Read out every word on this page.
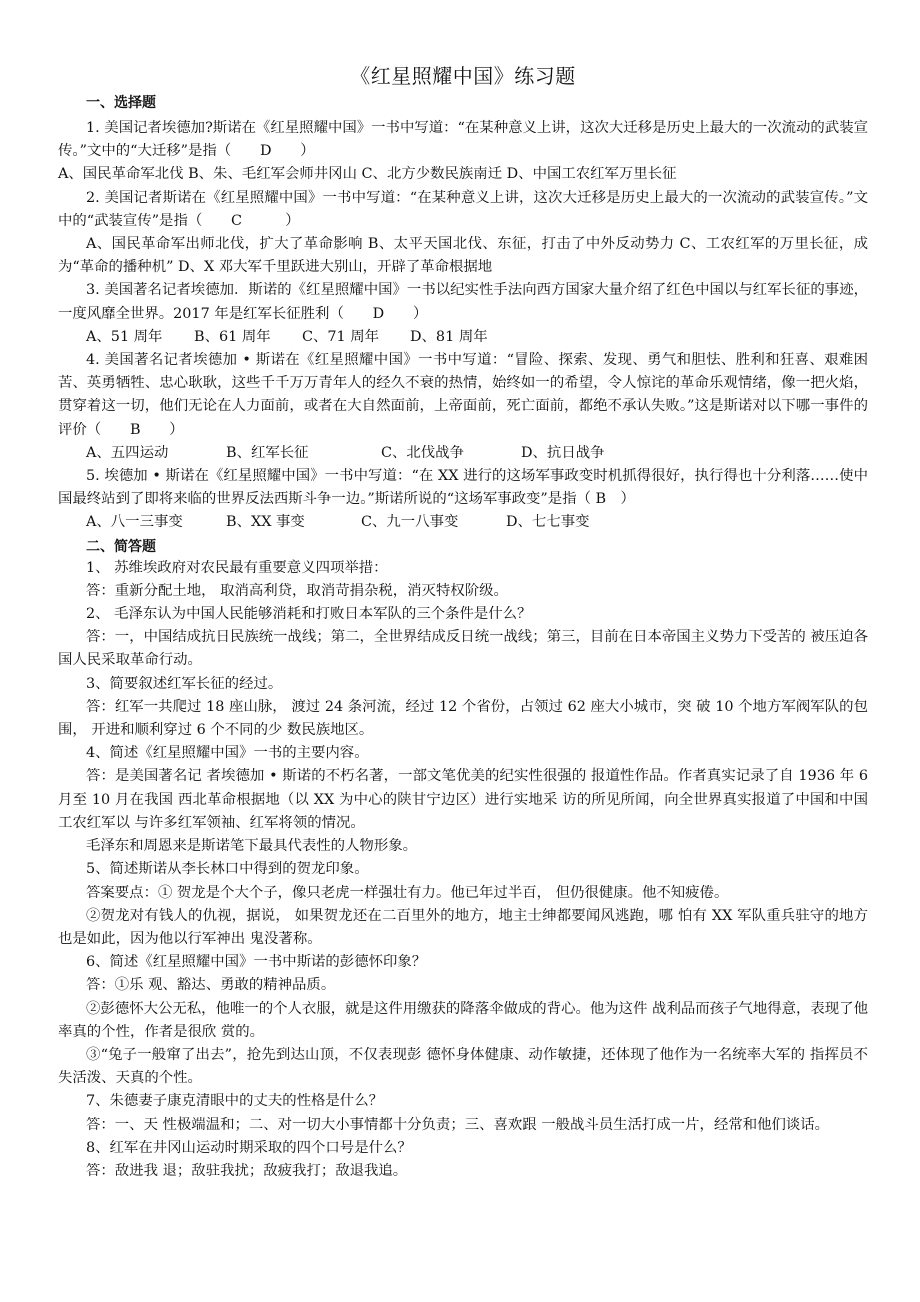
《红星照耀中国》练习题
一、选择题

1. 美国记者埃德加?斯诺在《红星照耀中国》一书中写道：“在某种意义上讲，这次大迁移是历史上最大的一次流动的武装宣传。”文中的“大迁移”是指（　　D　　）

A、国民革命军北伐 B、朱、毛红军会师井冈山 C、北方少数民族南迁 D、中国工农红军万里长征

2. 美国记者斯诺在《红星照耀中国》一书中写道：“在某种意义上讲，这次大迁移是历史上最大的一次流动的武装宣传。”文中的“武装宣传”是指（　　C　　　）

A、国民革命军出师北伐，扩大了革命影响 B、太平天国北伐、东征，打击了中外反动势力 C、工农红军的万里长征，成为“革命的播种机” D、X 邓大军千里跃进大别山，开辟了革命根据地

3. 美国著名记者埃德加．斯诺的《红星照耀中国》一书以纪实性手法向西方国家大量介绍了红色中国以与红军长征的事迹，一度风靡全世界。2017 年是红军长征胜利（　　D　　）

A、51 周年 B、61 周年 C、71 周年 D、81 周年

4. 美国著名记者埃德加 • 斯诺在《红星照耀中国》一书中写道：“冒险、探索、发现、勇气和胆怯、胜利和狂喜、艰难困苦、英勇牺牲、忠心耿耿，这些千千万万青年人的经久不衰的热情，始终如一的希望，令人惊诧的革命乐观情绪，像一把火焰，贯穿着这一切，他们无论在人力面前，或者在大自然面前，上帝面前，死亡面前，都绝不承认失败。”这是斯诺对以下哪一事件的评价（　　B　　）

A、五四运动	B、红军长征	C、北伐战争	D、抗日战争

5. 埃德加 • 斯诺在《红星照耀中国》一书中写道：“在 XX 进行的这场军事政变时机抓得很好，执行得也十分利落……使中国最终站到了即将来临的世界反法西斯斗争一边。”斯诺所说的“这场军事政变”是指（ B　）

A、八一三事变	B、XX 事变	C、九一八事变	D、七七事变
二、简答题

1、 苏维埃政府对农民最有重要意义四项举措：

答：重新分配土地， 取消高利贷，取消苛捐杂税，消灭特权阶级。

2、 毛泽东认为中国人民能够消耗和打败日本军队的三个条件是什么？

答：一，中国结成抗日民族统一战线；第二，全世界结成反日统一战线；第三，目前在日本帝国主义势力下受苦的 被压迫各国人民采取革命行动。

3、简要叙述红军长征的经过。

答：红军一共爬过 18 座山脉， 渡过 24 条河流，经过 12 个省份，占领过 62 座大小城市，突 破 10 个地方军阀军队的包围， 开进和顺利穿过 6 个不同的少 数民族地区。

4、简述《红星照耀中国》一书的主要内容。

答：是美国著名记 者埃德加 • 斯诺的不朽名著，一部文笔优美的纪实性很强的 报道性作品。作者真实记录了自 1936 年 6 月至 10 月在我国 西北革命根据地（以 XX 为中心的陕甘宁边区）进行实地采 访的所见所闻，向全世界真实报道了中国和中国工农红军以 与许多红军领袖、红军将领的情况。

毛泽东和周恩来是斯诺笔下最具代表性的人物形象。

5、简述斯诺从李长林口中得到的贺龙印象。

答案要点：① 贺龙是个大个子，像只老虎一样强壮有力。他已年过半百， 但仍很健康。他不知疲倦。

②贺龙对有钱人的仇视，据说， 如果贺龙还在二百里外的地方，地主士绅都要闻风逃跑，哪 怕有 XX 军队重兵驻守的地方也是如此，因为他以行军神出 鬼没著称。

6、简述《红星照耀中国》一书中斯诺的彭德怀印象？

答：①乐 观、豁达、勇敢的精神品质。

②彭德怀大公无私，他唯一的个人衣服，就是这件用缴获的降落伞做成的背心。他为这件 战利品而孩子气地得意，表现了他率真的个性，作者是很欣 赏的。

③“兔子一般窜了出去”，抢先到达山顶，不仅表现彭 德怀身体健康、动作敏捷，还体现了他作为一名统率大军的 指挥员不失活泼、天真的个性。

7、朱德妻子康克清眼中的丈夫的性格是什么？

答：一、天 性极端温和；二、对一切大小事情都十分负责；三、喜欢跟 一般战斗员生活打成一片，经常和他们谈话。

8、红军在井冈山运动时期采取的四个口号是什么？

答：敌进我 退；敌驻我扰；敌疲我打；敌退我追。
